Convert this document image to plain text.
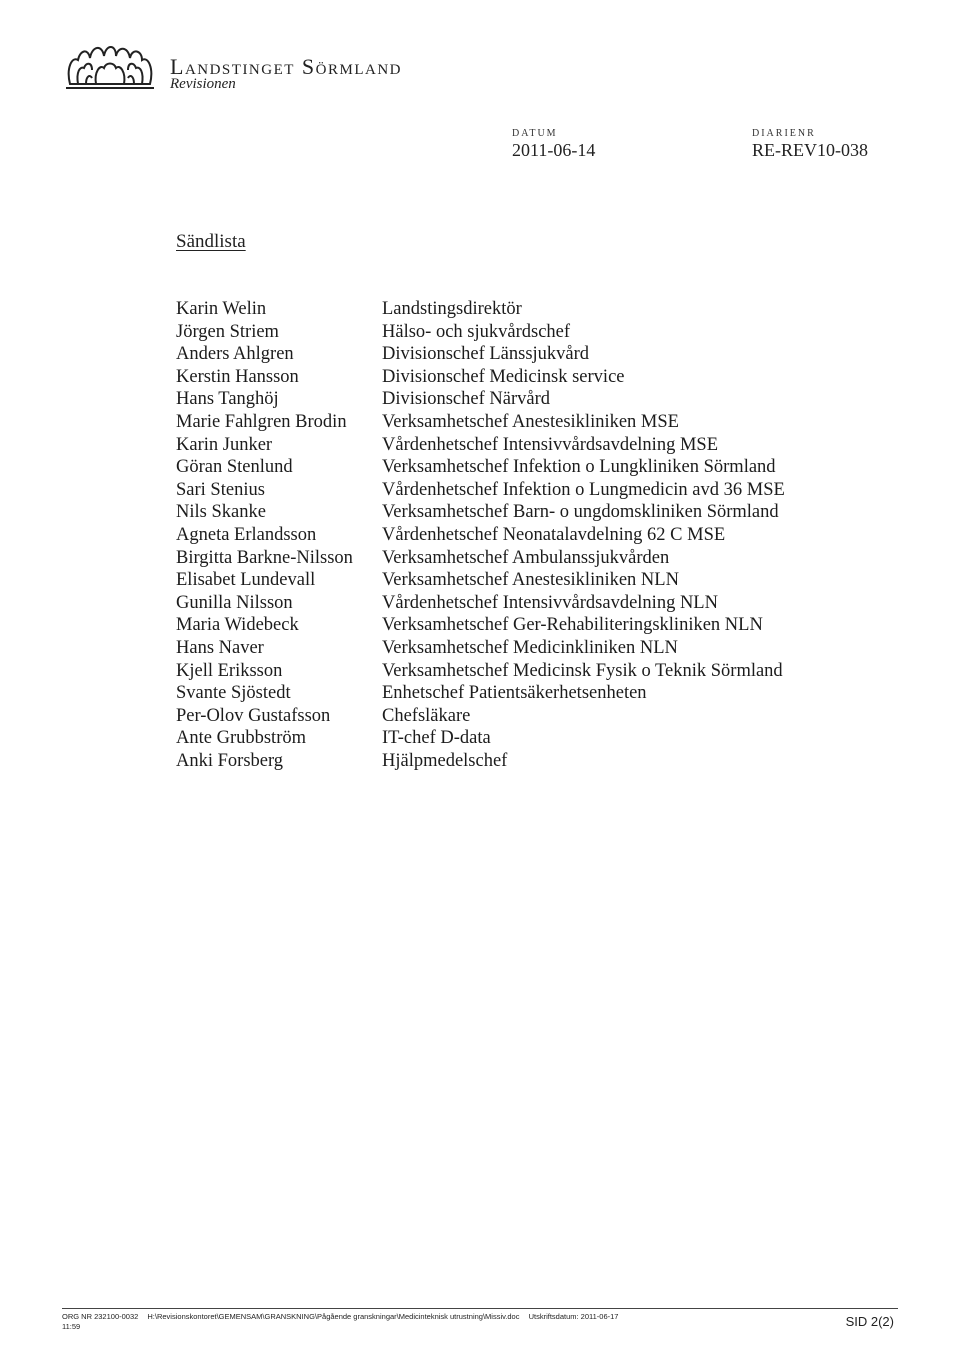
Landstinget Sörmland
Revisionen
DATUM
2011-06-14
DIARIENR
RE-REV10-038
Sändlista
Karin Welin
Jörgen Striem
Anders Ahlgren
Kerstin Hansson
Hans Tanghöj
Marie Fahlgren Brodin
Karin Junker
Göran Stenlund
Sari Stenius
Nils Skanke
Agneta Erlandsson
Birgitta Barkne-Nilsson
Elisabet Lundevall
Gunilla Nilsson
Maria Widebeck
Hans Naver
Kjell Eriksson
Svante Sjöstedt
Per-Olov Gustafsson
Ante Grubbström
Anki Forsberg
Landstingsdirektör
Hälso- och sjukvårdschef
Divisionschef Länssjukvård
Divisionschef Medicinsk service
Divisionschef Närvård
Verksamhetschef Anestesikliniken MSE
Vårdenhetschef Intensivvårdsavdelning MSE
Verksamhetschef Infektion o Lungkliniken Sörmland
Vårdenhetschef Infektion o Lungmedicin avd 36 MSE
Verksamhetschef Barn- o ungdomskliniken Sörmland
Vårdenhetschef Neonatalavdelning 62 C MSE
Verksamhetschef Ambulanssjukvården
Verksamhetschef Anestesikliniken NLN
Vårdenhetschef Intensivvårdsavdelning NLN
Verksamhetschef Ger-Rehabiliteringskliniken NLN
Verksamhetschef Medicinkliniken NLN
Verksamhetschef Medicinsk Fysik o Teknik Sörmland
Enhetschef Patientsäkerhetsenheten
Chefsläkare
IT-chef D-data
Hjälpmedelschef
ORG NR 232100-0032 H:\Revisionskontoret\GEMENSAM\GRANSKNING\Pågående granskningar\Medicinteknisk utrustning\Missiv.doc Utskriftsdatum: 2011-06-17
11:59	SID 2(2)
